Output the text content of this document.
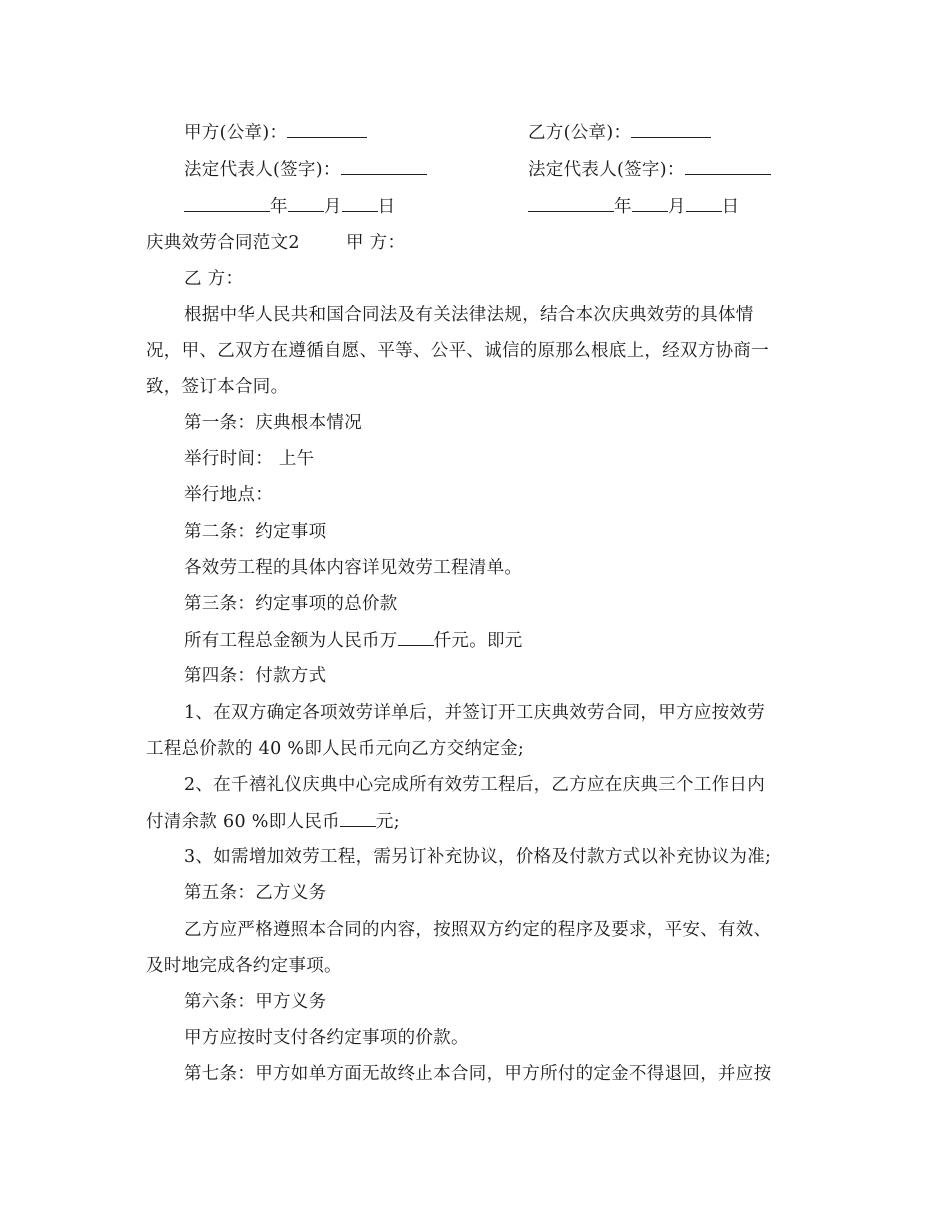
甲方(公章)：	乙方(公章)：
法定代表人(签字)：	法定代表人(签字)：
年 月 日	年 月 日
庆典效劳合同范文2	甲 方：
乙 方：
根据中华人民共和国合同法及有关法律法规，结合本次庆典效劳的具体情
况，甲、乙双方在遵循自愿、平等、公平、诚信的原那么根底上，经双方协商一
致，签订本合同。
第一条：庆典根本情况
举行时间： 上午
举行地点：
第二条：约定事项
各效劳工程的具体内容详见效劳工程清单。
第三条：约定事项的总价款
所有工程总金额为人民币万 仟元。即元
第四条：付款方式
1、在双方确定各项效劳详单后，并签订开工庆典效劳合同，甲方应按效劳
工程总价款的 40 %即人民币元向乙方交纳定金;
2、在千禧礼仪庆典中心完成所有效劳工程后，乙方应在庆典三个工作日内
付清余款 60 %即人民币 元;
3、如需增加效劳工程，需另订补充协议，价格及付款方式以补充协议为准;
第五条：乙方义务
乙方应严格遵照本合同的内容，按照双方约定的程序及要求，平安、有效、
及时地完成各约定事项。
第六条：甲方义务
甲方应按时支付各约定事项的价款。
第七条：甲方如单方面无故终止本合同，甲方所付的定金不得退回，并应按
